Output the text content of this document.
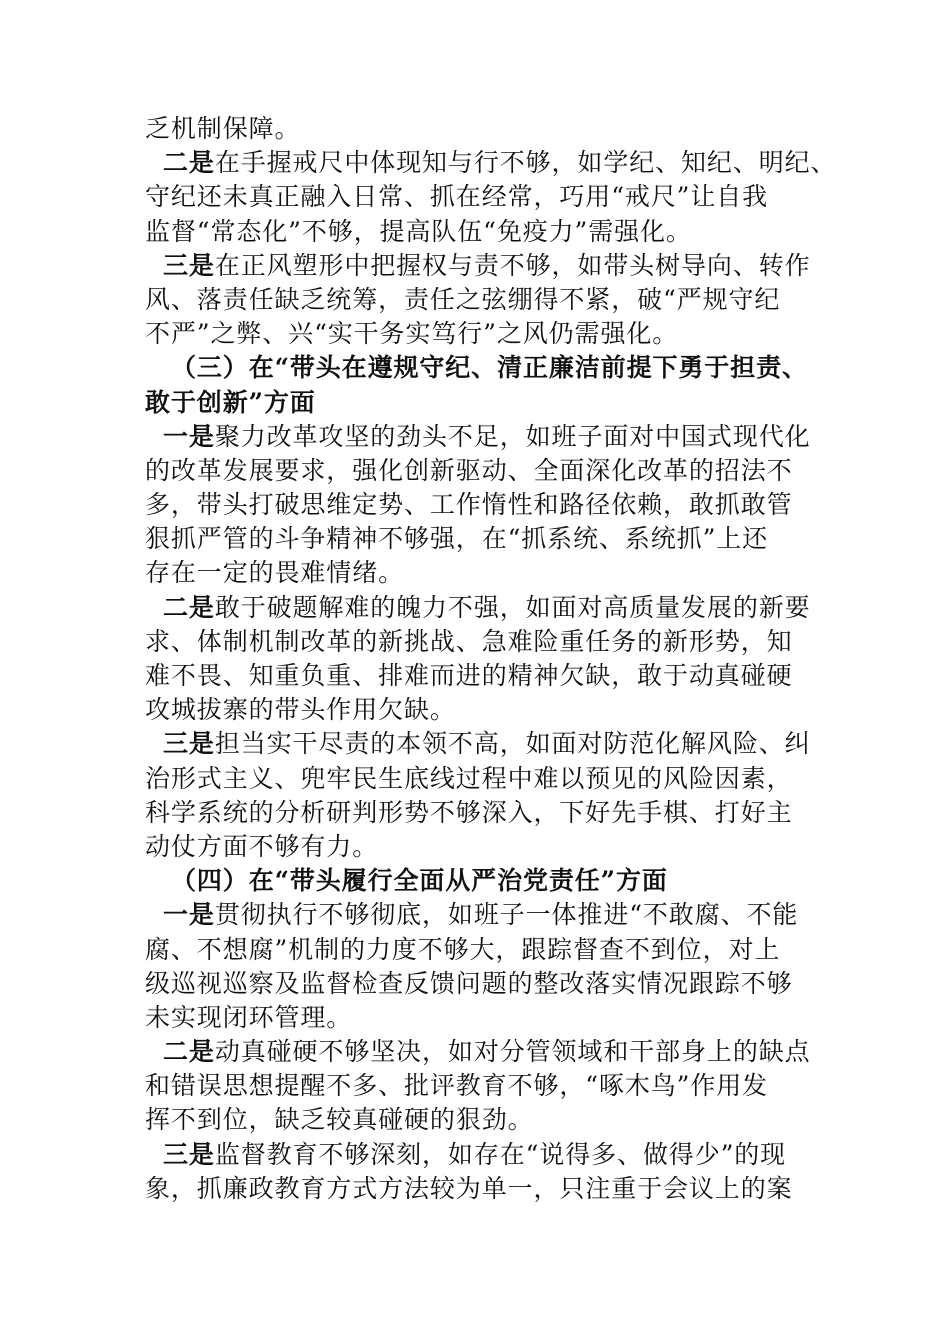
乏机制保障。
二是在手握戒尺中体现知与行不够，如学纪、知纪、明纪、
守纪还未真正融入日常、抓在经常，巧用“戒尺”让自我
监督“常态化”不够，提高队伍“免疫力”需强化。
三是在正风塑形中把握权与责不够，如带头树导向、转作
风、落责任缺乏统筹，责任之弦绷得不紧，破“严规守纪
不严”之弊、兴“实干务实笃行”之风仍需强化。
（三）在“带头在遵规守纪、清正廉洁前提下勇于担责、
敢于创新”方面
一是聚力改革攻坚的劲头不足，如班子面对中国式现代化
的改革发展要求，强化创新驱动、全面深化改革的招法不
多，带头打破思维定势、工作惰性和路径依赖，敢抓敢管
狠抓严管的斗争精神不够强，在“抓系统、系统抓”上还
存在一定的畏难情绪。
二是敢于破题解难的魄力不强，如面对高质量发展的新要
求、体制机制改革的新挑战、急难险重任务的新形势，知
难不畏、知重负重、排难而进的精神欠缺，敢于动真碰硬
攻城拔寨的带头作用欠缺。
三是担当实干尽责的本领不高，如面对防范化解风险、纠
治形式主义、兜牢民生底线过程中难以预见的风险因素，
科学系统的分析研判形势不够深入，下好先手棋、打好主
动仗方面不够有力。
（四）在“带头履行全面从严治党责任”方面
一是贯彻执行不够彻底，如班子一体推进“不敢腐、不能
腐、不想腐”机制的力度不够大，跟踪督查不到位，对上
级巡视巡察及监督检查反馈问题的整改落实情况跟踪不够
未实现闭环管理。
二是动真碰硬不够坚决，如对分管领域和干部身上的缺点
和错误思想提醒不多、批评教育不够，“啄木鸟”作用发
挥不到位，缺乏较真碰硬的狠劲。
三是监督教育不够深刻，如存在“说得多、做得少”的现
象，抓廉政教育方式方法较为单一，只注重于会议上的案
